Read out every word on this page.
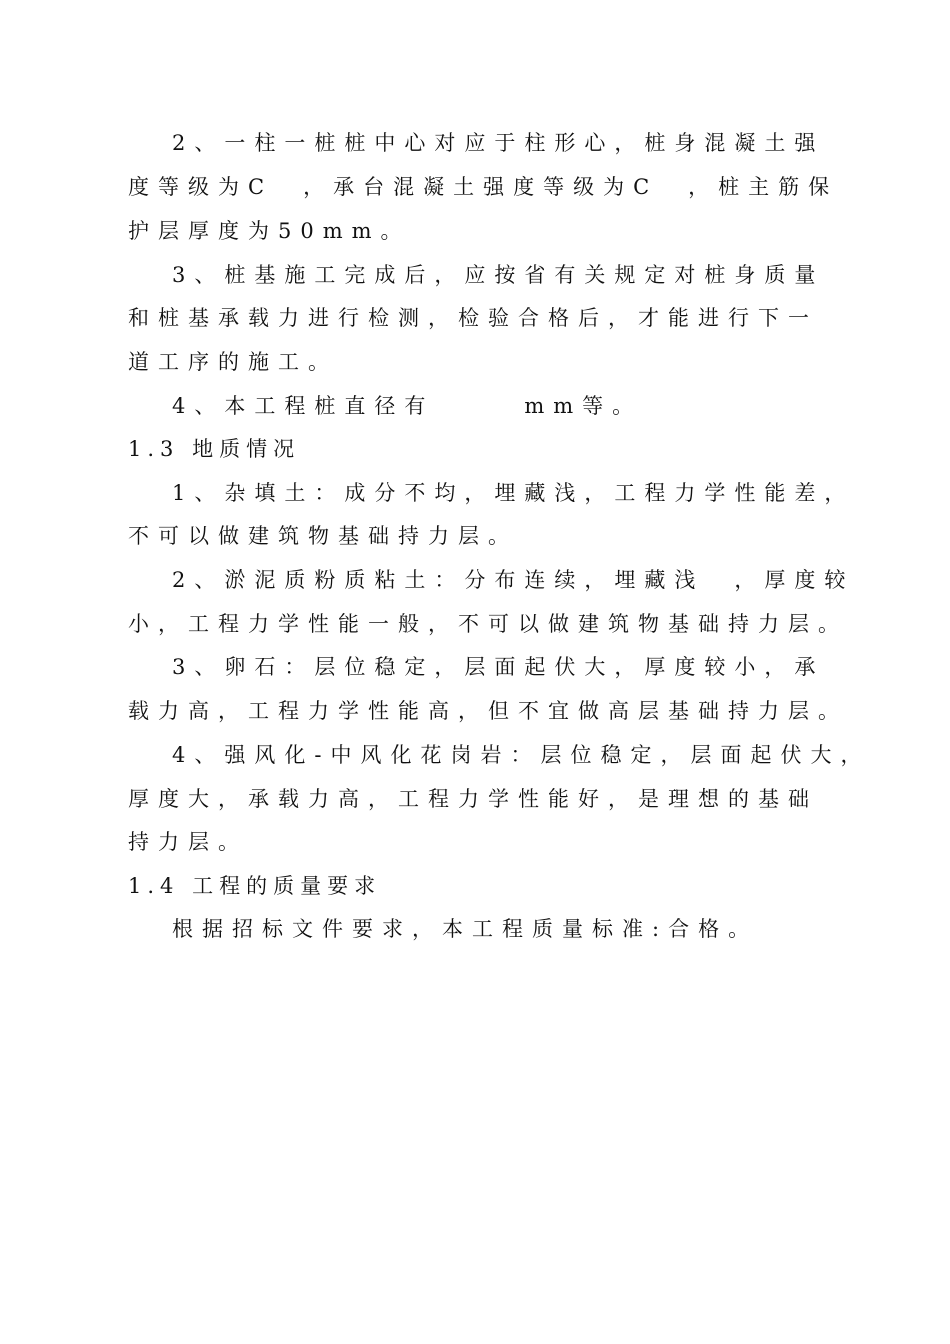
2、一柱一桩桩中心对应于柱形心，桩身混凝土强
度等级为C　，承台混凝土强度等级为C　，桩主筋保
护层厚度为50mm。
3、桩基施工完成后，应按省有关规定对桩身质量
和桩基承载力进行检测，检验合格后，才能进行下一
道工序的施工。
4、本工程桩直径有　　　mm等。
1.3 地质情况
1、杂填土：成分不均，埋藏浅，工程力学性能差，
不可以做建筑物基础持力层。
2、淤泥质粉质粘土：分布连续，埋藏浅　，厚度较
小，工程力学性能一般，不可以做建筑物基础持力层。
3、卵石：层位稳定，层面起伏大，厚度较小，承
载力高，工程力学性能高，但不宜做高层基础持力层。
4、强风化-中风化花岗岩：层位稳定，层面起伏大，
厚度大，承载力高，工程力学性能好，是理想的基础
持力层。
1.4 工程的质量要求
根据招标文件要求，本工程质量标准:合格。
